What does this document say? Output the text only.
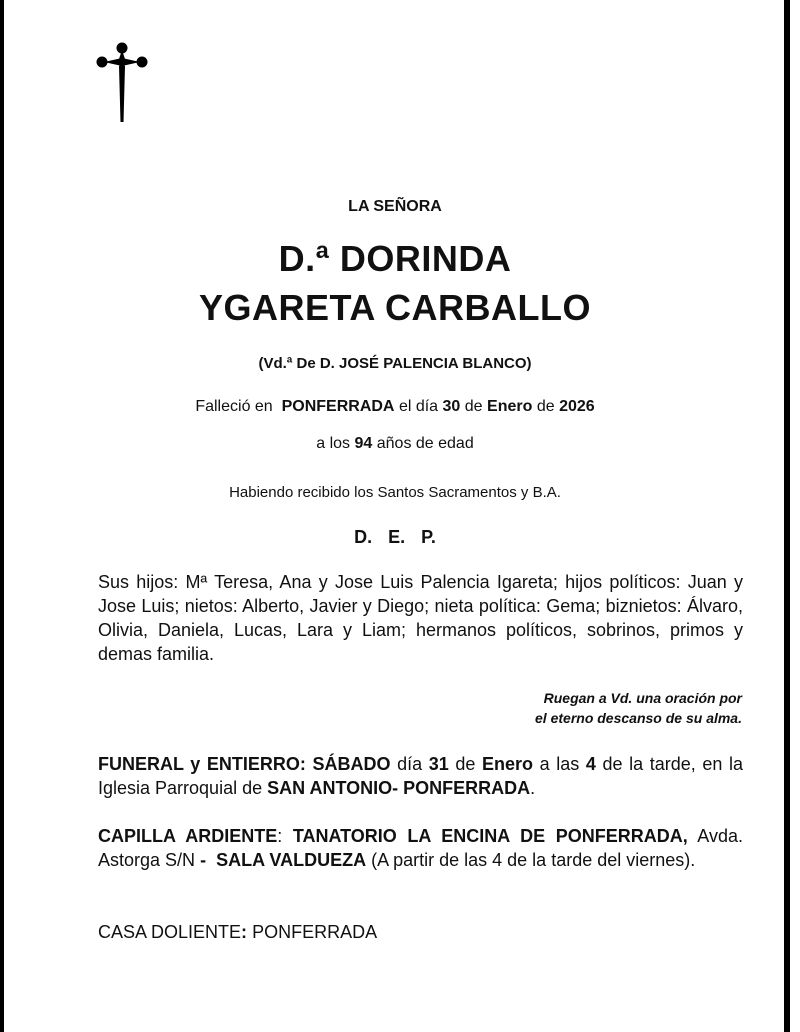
LA SEÑORA
D.ª DORINDA
YGARETA CARBALLO
(Vd.ª De D. JOSÉ PALENCIA BLANCO)
Falleció en PONFERRADA el día 30 de Enero de 2026
a los 94 años de edad
Habiendo recibido los Santos Sacramentos y B.A.
D. E. P.
Sus hijos: Mª Teresa, Ana y Jose Luis Palencia Igareta; hijos políticos: Juan y Jose Luis; nietos: Alberto, Javier y Diego; nieta política: Gema; biznietos: Álvaro, Olivia, Daniela, Lucas, Lara y Liam; hermanos políticos, sobrinos, primos y demas familia.
Ruegan a Vd. una oración por
el eterno descanso de su alma.
FUNERAL y ENTIERRO: SÁBADO día 31 de Enero a las 4 de la tarde, en la Iglesia Parroquial de SAN ANTONIO- PONFERRADA.
CAPILLA ARDIENTE: TANATORIO LA ENCINA DE PONFERRADA, Avda. Astorga S/N - SALA VALDUEZA (A partir de las 4 de la tarde del viernes).
CASA DOLIENTE: PONFERRADA
